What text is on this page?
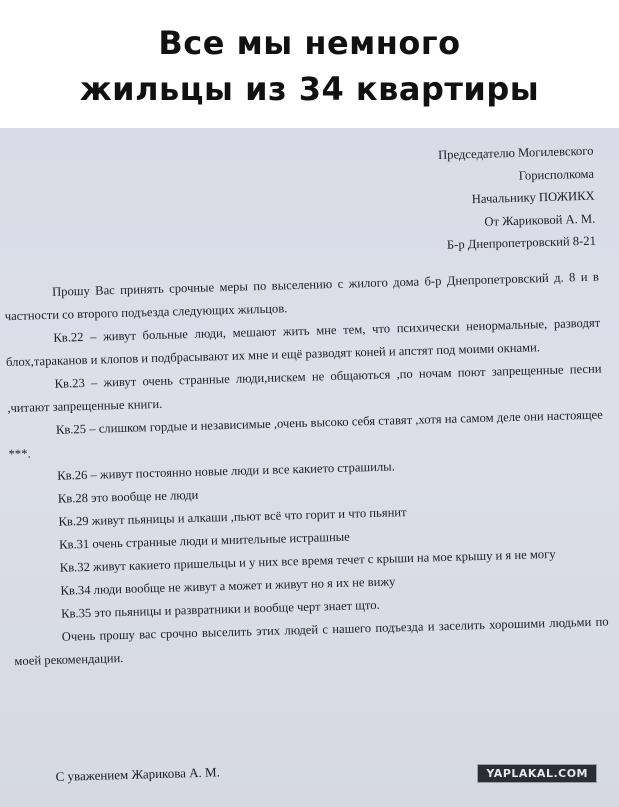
Все мы немного
жильцы из 34 квартиры
Председателю Могилевского
Горисполкома
Начальнику ПОЖИКХ
От Жариковой А. М.
Б-р Днепропетровский 8-21

Прошу Вас принять срочные меры по выселению с жилого дома б-р Днепропетровский д. 8 и в частности со второго подъезда следующих жильцов.

Кв.22 – живут больные люди, мешают жить мне тем, что психически ненормальные, разводят блох,тараканов и клопов и подбрасывают их мне и ещё разводят коней и апстят под моими окнами.

Кв.23 – живут очень странные люди,нискем не общаються ,по ночам поют запрещенные песни ,читают запрещенные книги.

Кв.25 – слишком гордые и независимые ,очень высоко себя ставят ,хотя на самом деле они настоящее ***.

Кв.26 – живут постоянно новые люди и все какието страшилы.

Кв.28 это вообще не люди

Кв.29 живут пьяницы и алкаши ,пьют всё что горит и что пьянит

Кв.31 очень странные люди и мнительные истрашные

Кв.32 живут какието пришельцы и у них все время течет с крыши на мое крышу и я не могу

Кв.34 люди вообще не живут а может и живут но я их не вижу

Кв.35 это пьяницы и развратники и вообще черт знает щто.

Очень прошу вас срочно выселить этих людей с нашего подъезда и заселить хорошими людьми по моей рекомендации.

С уважением Жарикова А. М.	YAPLAKAL.COM
